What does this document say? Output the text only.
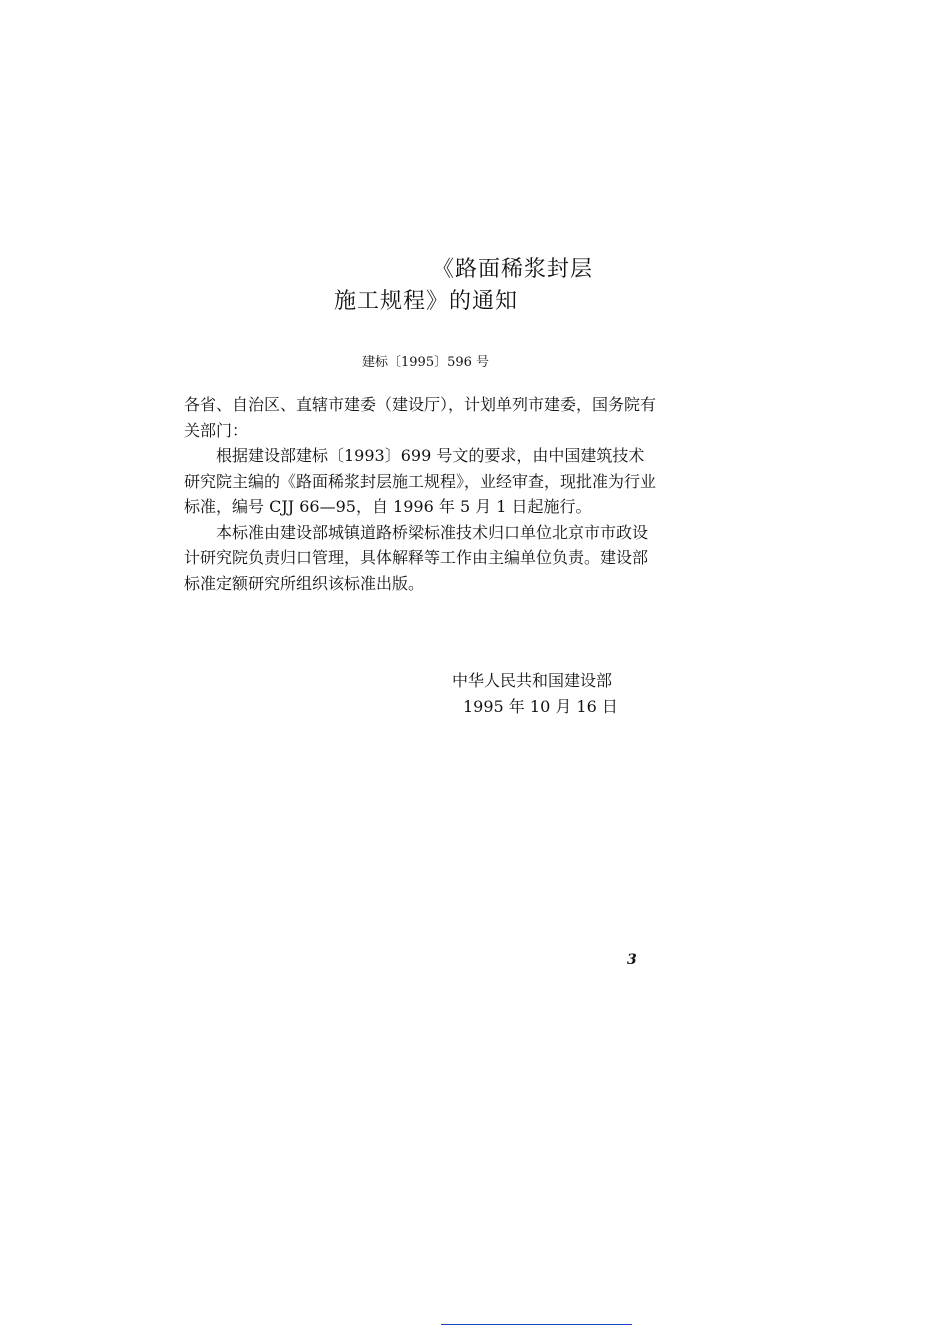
《路面稀浆封层
施工规程》的通知
建标〔1995〕596 号

各省、自治区、直辖市建委（建设厅），计划单列市建委，国务院有关部门：

根据建设部建标〔1993〕699 号文的要求，由中国建筑技术研究院主编的《路面稀浆封层施工规程》，业经审查，现批准为行业标准，编号 CJJ 66—95，自 1996 年 5 月 1 日起施行。

本标准由建设部城镇道路桥梁标准技术归口单位北京市市政设计研究院负责归口管理，具体解释等工作由主编单位负责。建设部标准定额研究所组织该标准出版。

中华人民共和国建设部
1995 年 10 月 16 日
3
